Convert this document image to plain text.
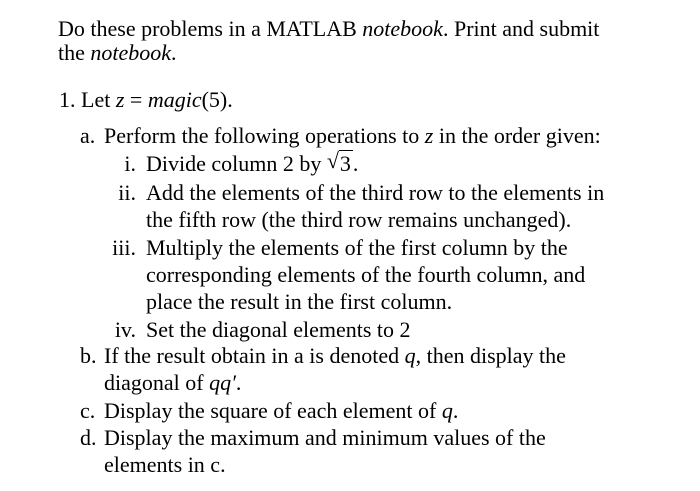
Do these problems in a MATLAB notebook. Print and submit
the notebook.
1. Let z = magic(5).
a. Perform the following operations to z in the order given:
i. Divide column 2 by √ 3.
ii. Add the elements of the third row to the elements in
the fifth row (the third row remains unchanged).
iii. Multiply the elements of the first column by the
corresponding elements of the fourth column, and
place the result in the first column.
iv. Set the diagonal elements to 2
b. If the result obtain in a is denoted q, then display the
diagonal of qq′.
c. Display the square of each element of q.
d. Display the maximum and minimum values of the
elements in c.
